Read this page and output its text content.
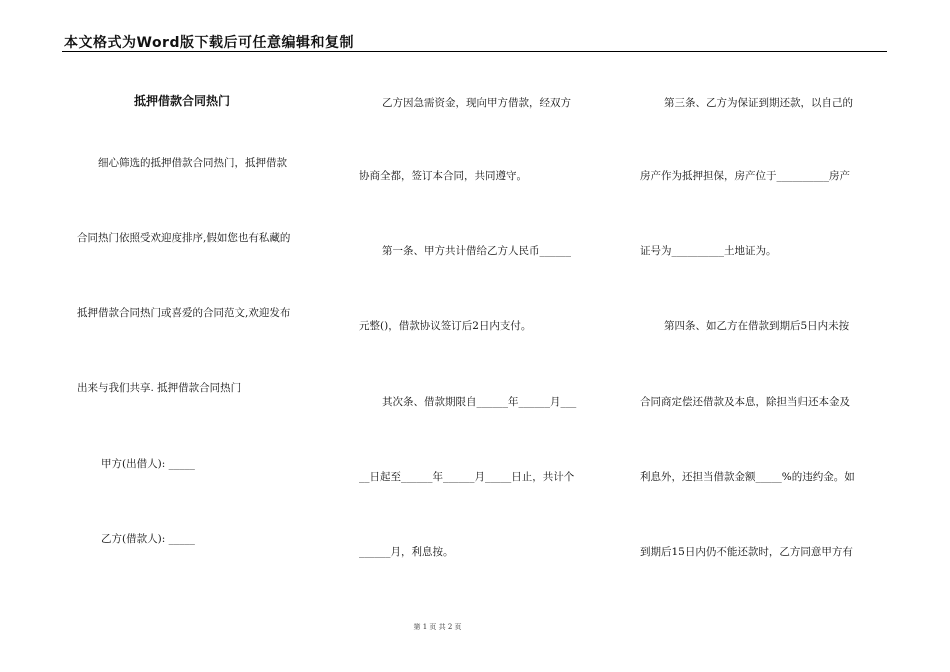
本文格式为Word版下载后可任意编辑和复制
抵押借款合同热门
细心筛选的抵押借款合同热门，抵押借款
合同热门依照受欢迎度排序,假如您也有私藏的
抵押借款合同热门或喜爱的合同范文,欢迎发布
出来与我们共享. 抵押借款合同热门
甲方(出借人): _____
乙方(借款人): _____
乙方因急需资金，现向甲方借款，经双方
协商全都，签订本合同，共同遵守。
第一条、甲方共计借给乙方人民币______
元整()，借款协议签订后2日内支付。
其次条、借款期限自______年______月___
__日起至______年______月_____日止，共计个
______月，利息按。
第三条、乙方为保证到期还款，以自己的
房产作为抵押担保，房产位于__________房产
证号为__________土地证为。
第四条、如乙方在借款到期后5日内未按
合同商定偿还借款及本息，除担当归还本金及
利息外，还担当借款金额_____%的违约金。如
到期后15日内仍不能还款时，乙方同意甲方有
第 1 页 共 2 页
